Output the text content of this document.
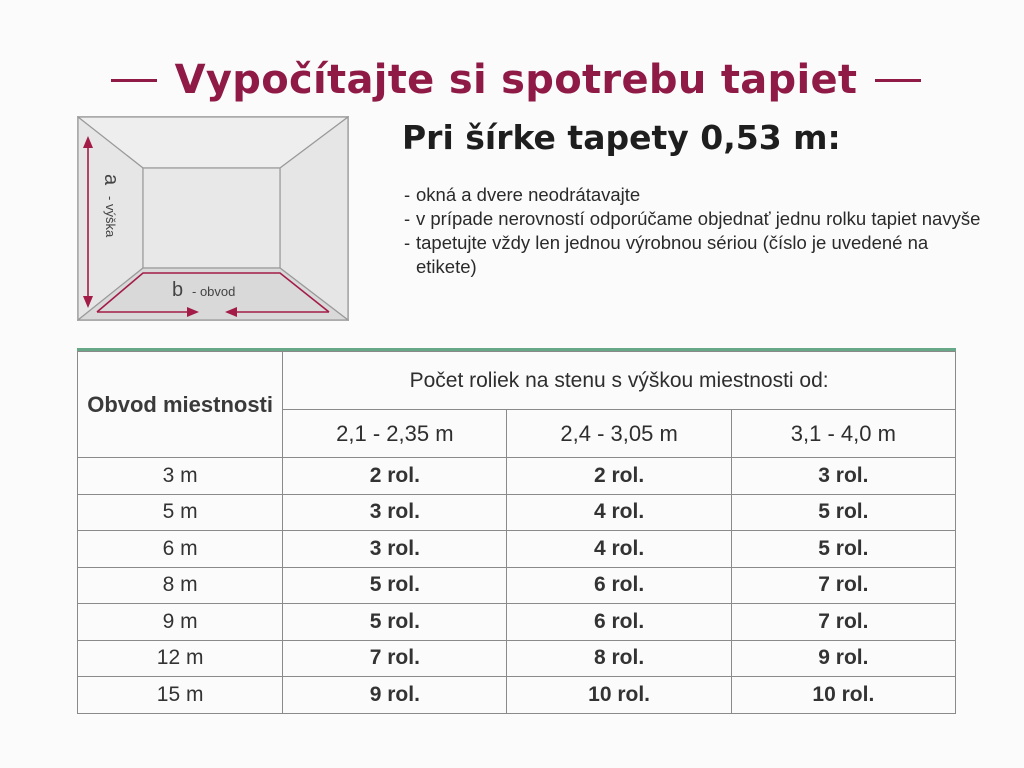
Vypočítajte si spotrebu tapiet
a
- výška
b - obvod
Pri šírke tapety 0,53 m:
- okná a dvere neodrátavajte
- v prípade nerovností odporúčame objednať jednu rolku tapiet navyše
- tapetujte vždy len jednou výrobnou sériou (číslo je uvedené na etikete)
Obvod miestnosti	Počet roliek na stenu s výškou miestnosti od:		
	2,1 - 2,35 m	2,4 - 3,05 m	3,1 - 4,0 m
3 m	2 rol.	2 rol.	3 rol.
5 m	3 rol.	4 rol.	5 rol.
6 m	3 rol.	4 rol.	5 rol.
8 m	5 rol.	6 rol.	7 rol.
9 m	5 rol.	6 rol.	7 rol.
12 m	7 rol.	8 rol.	9 rol.
15 m	9 rol.	10 rol.	10 rol.
